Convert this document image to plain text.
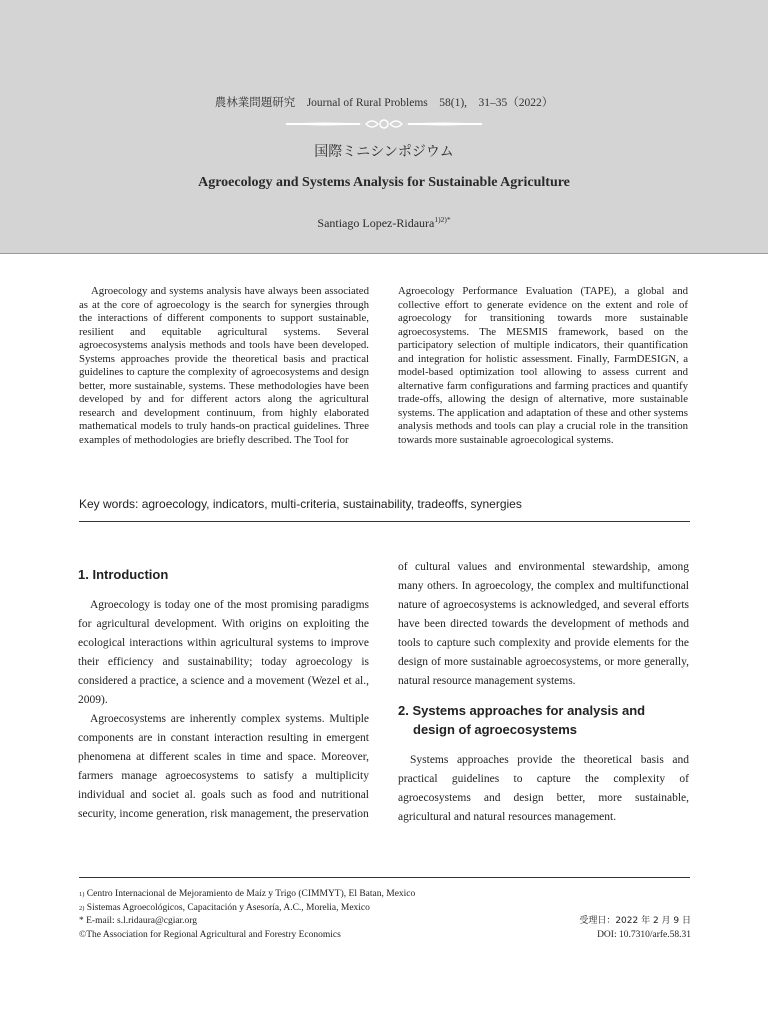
農林業問題研究　Journal of Rural Problems　58(1),　31–35（2022）
国際ミニシンポジウム
Agroecology and Systems Analysis for Sustainable Agriculture
Santiago Lopez-Ridaura$^{1)2)*}$
Agroecology and systems analysis have always been associated as at the core of agroecology is the search for synergies through the interactions of different components to support sustainable, resilient and equitable agricultural systems. Several agroecosystems analysis methods and tools have been developed. Systems approaches provide the theoretical basis and practical guidelines to capture the complexity of agroecosystems and design better, more sustainable, systems. These methodologies have been developed by and for different actors along the agricultural research and development continuum, from highly elaborated mathematical models to truly hands-on practical guidelines. Three examples of methodologies are briefly described. The Tool for
Agroecology Performance Evaluation (TAPE), a global and collective effort to generate evidence on the extent and role of agroecology for transitioning towards more sustainable agroecosystems. The MESMIS framework, based on the participatory selection of multiple indicators, their quantification and integration for holistic assessment. Finally, FarmDESIGN, a model-based optimization tool allowing to assess current and alternative farm configurations and farming practices and quantify trade-offs, allowing the design of alternative, more sustainable systems. The application and adaptation of these and other systems analysis methods and tools can play a crucial role in the transition towards more sustainable agroecological systems.
Key words: agroecology, indicators, multi-criteria, sustainability, tradeoffs, synergies
1. Introduction

Agroecology is today one of the most promising paradigms for agricultural development. With origins on exploiting the ecological interactions within agricultural systems to improve their efficiency and sustainability; today agroecology is considered a practice, a science and a movement (Wezel et al., 2009).

Agroecosystems are inherently complex systems. Multiple components are in constant interaction resulting in emergent phenomena at different scales in time and space. Moreover, farmers manage agroecosystems to satisfy a multiplicity individual and societ al. goals such as food and nutritional security, income generation, risk management, the preservation

of cultural values and environmental stewardship, among many others. In agroecology, the complex and multifunctional nature of agroecosystems is acknowledged, and several efforts have been directed towards the development of methods and tools to capture such complexity and provide elements for the design of more sustainable agroecosystems, or more generally, natural resource management systems.

2. Systems approaches for analysis and
design of agroecosystems

Systems approaches provide the theoretical basis and practical guidelines to capture the complexity of agroecosystems and design better, more sustainable, agricultural and natural resources management.

$^{1)}$ Centro Internacional de Mejoramiento de Maíz y Trigo (CIMMYT), El Batan, Mexico
$^{2)}$ Sistemas Agroecológicos, Capacitación y Asesoría, A.C., Morelia, Mexico
* E-mail: s.l.ridaura@cgiar.org	受理日：2022 年 2 月 9 日
©The Association for Regional Agricultural and Forestry Economics	DOI: 10.7310/arfe.58.31
